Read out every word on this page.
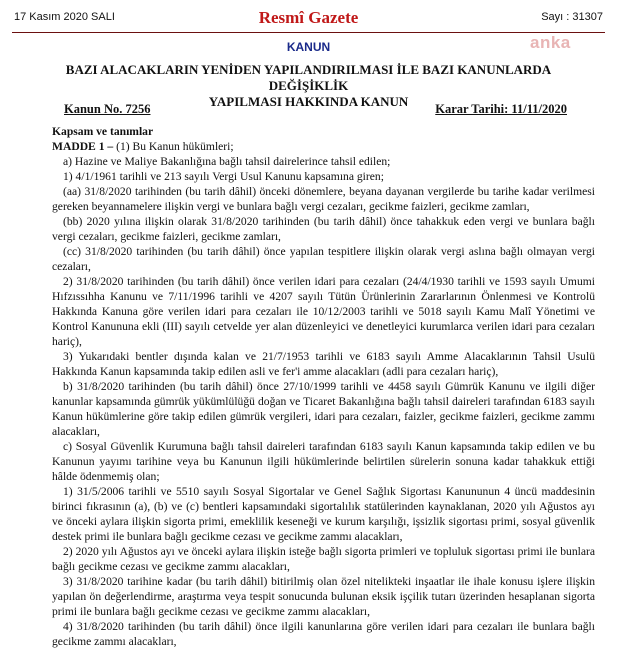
17 Kasım 2020 SALI	Resmî Gazete	Sayı : 31307
anka
KANUN
BAZI ALACAKLARIN YENİDEN YAPILANDIRILMASI İLE BAZI KANUNLARDA DEĞİŞİKLİK
YAPILMASI HAKKINDA KANUN
Kanun No. 7256	Karar Tarihi: 11/11/2020

Kapsam ve tanımlar

MADDE 1 – (1) Bu Kanun hükümleri;

a) Hazine ve Maliye Bakanlığına bağlı tahsil dairelerince tahsil edilen;

1) 4/1/1961 tarihli ve 213 sayılı Vergi Usul Kanunu kapsamına giren;

(aa) 31/8/2020 tarihinden (bu tarih dâhil) önceki dönemlere, beyana dayanan vergilerde bu tarihe kadar verilmesi gereken beyannamelere ilişkin vergi ve bunlara bağlı vergi cezaları, gecikme faizleri, gecikme zamları,

(bb) 2020 yılına ilişkin olarak 31/8/2020 tarihinden (bu tarih dâhil) önce tahakkuk eden vergi ve bunlara bağlı vergi cezaları, gecikme faizleri, gecikme zamları,

(cc) 31/8/2020 tarihinden (bu tarih dâhil) önce yapılan tespitlere ilişkin olarak vergi aslına bağlı olmayan vergi cezaları,

2) 31/8/2020 tarihinden (bu tarih dâhil) önce verilen idari para cezaları (24/4/1930 tarihli ve 1593 sayılı Umumi Hıfzıssıhha Kanunu ve 7/11/1996 tarihli ve 4207 sayılı Tütün Ürünlerinin Zararlarının Önlenmesi ve Kontrolü Hakkında Kanuna göre verilen idari para cezaları ile 10/12/2003 tarihli ve 5018 sayılı Kamu Malî Yönetimi ve Kontrol Kanununa ekli (III) sayılı cetvelde yer alan düzenleyici ve denetleyici kurumlarca verilen idari para cezaları hariç),

3) Yukarıdaki bentler dışında kalan ve 21/7/1953 tarihli ve 6183 sayılı Amme Alacaklarının Tahsil Usulü Hakkında Kanun kapsamında takip edilen asli ve fer'i amme alacakları (adli para cezaları hariç),

b) 31/8/2020 tarihinden (bu tarih dâhil) önce 27/10/1999 tarihli ve 4458 sayılı Gümrük Kanunu ve ilgili diğer kanunlar kapsamında gümrük yükümlülüğü doğan ve Ticaret Bakanlığına bağlı tahsil daireleri tarafından 6183 sayılı Kanun hükümlerine göre takip edilen gümrük vergileri, idari para cezaları, faizler, gecikme faizleri, gecikme zammı alacakları,

c) Sosyal Güvenlik Kurumuna bağlı tahsil daireleri tarafından 6183 sayılı Kanun kapsamında takip edilen ve bu Kanunun yayımı tarihine veya bu Kanunun ilgili hükümlerinde belirtilen sürelerin sonuna kadar tahakkuk ettiği hâlde ödenmemiş olan;

1) 31/5/2006 tarihli ve 5510 sayılı Sosyal Sigortalar ve Genel Sağlık Sigortası Kanununun 4 üncü maddesinin birinci fıkrasının (a), (b) ve (c) bentleri kapsamındaki sigortalılık statülerinden kaynaklanan, 2020 yılı Ağustos ayı ve önceki aylara ilişkin sigorta primi, emeklilik keseneği ve kurum karşılığı, işsizlik sigortası primi, sosyal güvenlik destek primi ile bunlara bağlı gecikme cezası ve gecikme zammı alacakları,

2) 2020 yılı Ağustos ayı ve önceki aylara ilişkin isteğe bağlı sigorta primleri ve topluluk sigortası primi ile bunlara bağlı gecikme cezası ve gecikme zammı alacakları,

3) 31/8/2020 tarihine kadar (bu tarih dâhil) bitirilmiş olan özel nitelikteki inşaatlar ile ihale konusu işlere ilişkin yapılan ön değerlendirme, araştırma veya tespit sonucunda bulunan eksik işçilik tutarı üzerinden hesaplanan sigorta primi ile bunlara bağlı gecikme cezası ve gecikme zammı alacakları,

4) 31/8/2020 tarihinden (bu tarih dâhil) önce ilgili kanunlarına göre verilen idari para cezaları ile bunlara bağlı gecikme zammı alacakları,
